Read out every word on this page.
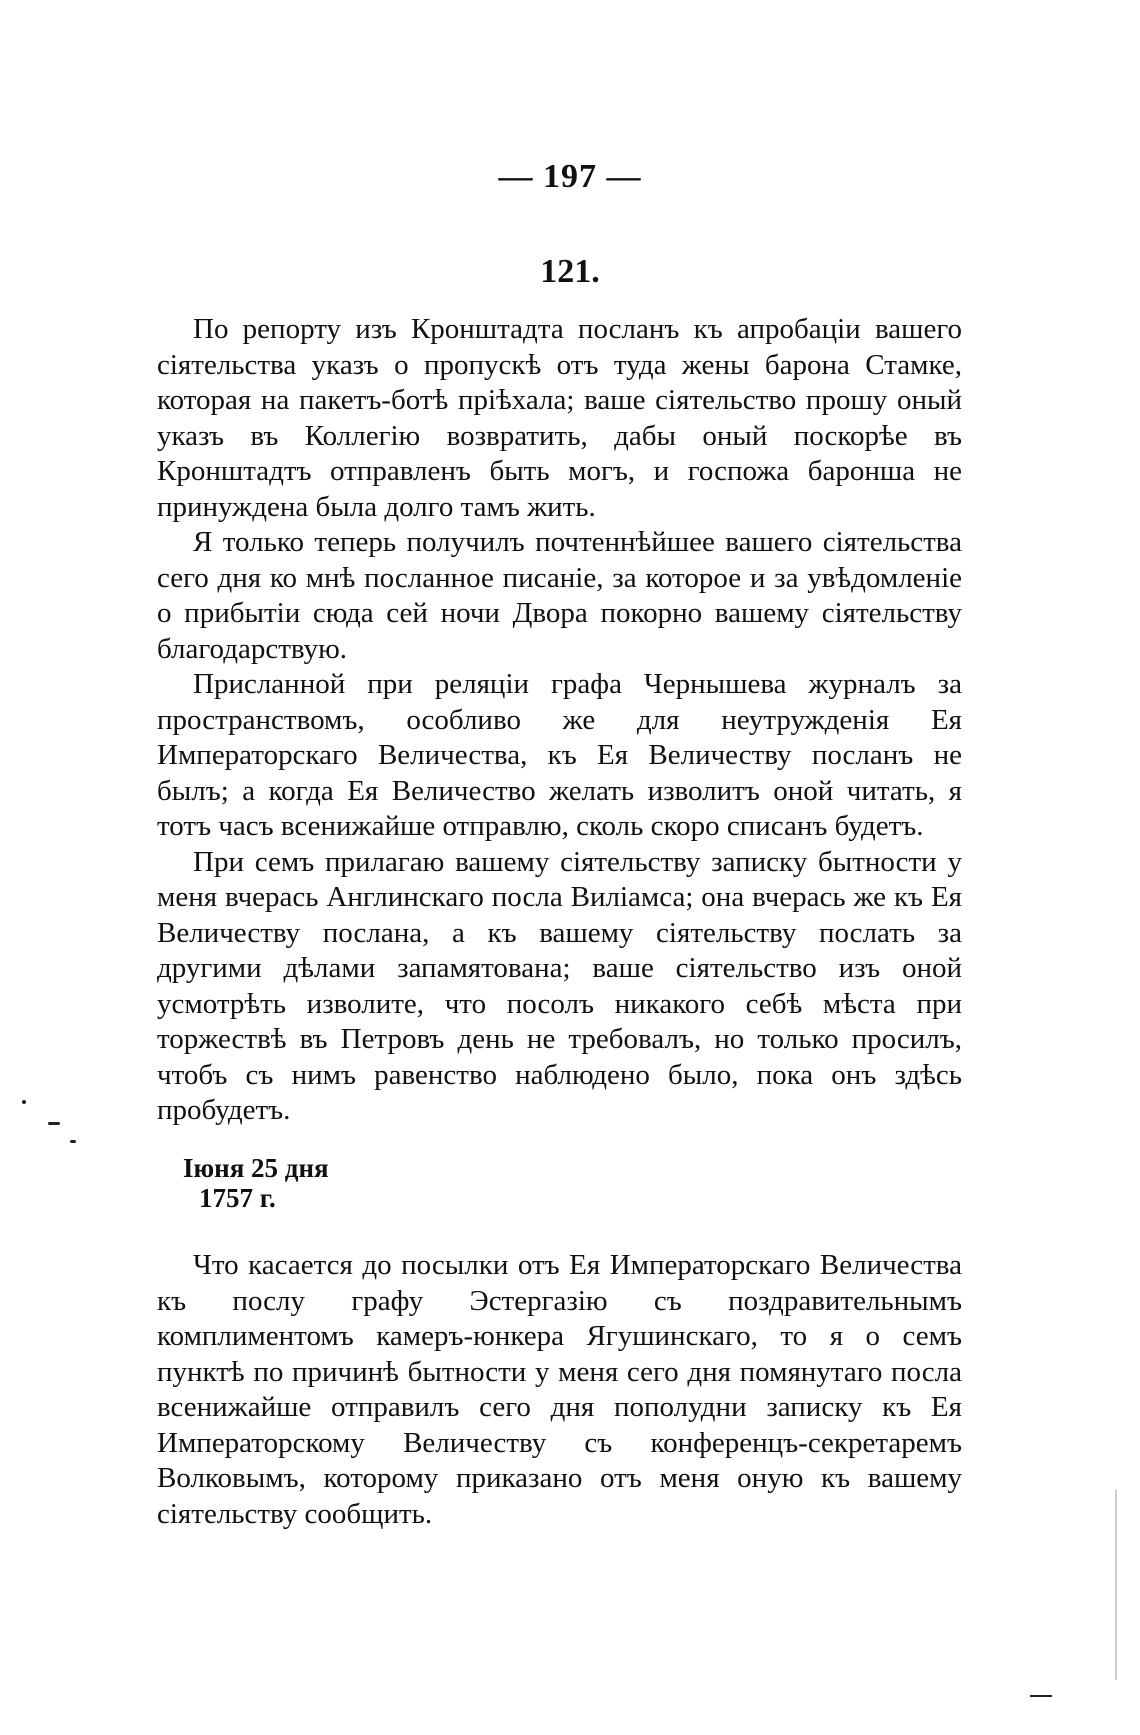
— 197 —
121.

По репорту изъ Кронштадта посланъ къ апробаціи вашего сіятельства указъ о пропускѣ отъ туда жены барона Стамке, которая на пакетъ-ботѣ пріѣхала; ваше сіятельство прошу оный указъ въ Коллегію возвратить, дабы оный поскорѣе въ Кронштадтъ отправленъ быть могъ, и госпожа баронша не принуждена была долго тамъ жить.

Я только теперь получилъ почтеннѣйшее вашего сіятельства сего дня ко мнѣ посланное писаніе, за которое и за увѣдомленіе о прибытіи сюда сей ночи Двора покорно вашему сіятельству благодарствую.

Присланной при реляціи графа Чернышева журналъ за пространствомъ, особливо же для неутружденія Ея Императорскаго Величества, къ Ея Величеству посланъ не былъ; а когда Ея Величество желать изволитъ оной читать, я тотъ часъ всенижайше отправлю, сколь скоро списанъ будетъ.

При семъ прилагаю вашему сіятельству записку бытности у меня вчерась Англинскаго посла Виліамса; она вчерась же къ Ея Величеству послана, а къ вашему сіятельству послать за другими дѣлами запамятована; ваше сіятельство изъ оной усмотрѣть изволите, что посолъ никакого себѣ мѣста при торжествѣ въ Петровъ день не требовалъ, но только просилъ, чтобъ съ нимъ равенство наблюдено было, пока онъ здѣсь пробудетъ.

Іюня 25 дня
1757 г.

Что касается до посылки отъ Ея Императорскаго Величества къ послу графу Эстергазію съ поздравительнымъ комплиментомъ камеръ-юнкера Ягушинскаго, то я о семъ пунктѣ по причинѣ бытности у меня сего дня помянутаго посла всенижайше отправилъ сего дня пополудни записку къ Ея Императорскому Величеству съ конференцъ-секретаремъ Волковымъ, которому приказано отъ меня оную къ вашему сіятельству сообщить.
